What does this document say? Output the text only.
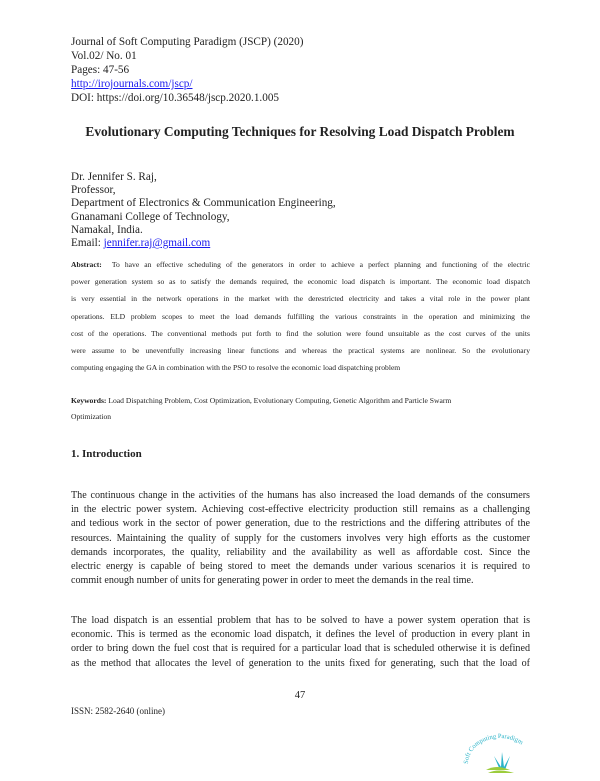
Journal of Soft Computing Paradigm (JSCP) (2020)
Vol.02/ No. 01
Pages: 47-56
http://irojournals.com/jscp/
DOI: https://doi.org/10.36548/jscp.2020.1.005
Evolutionary Computing Techniques for Resolving Load Dispatch Problem
Dr. Jennifer S. Raj,
Professor,
Department of Electronics & Communication Engineering,
Gnanamani College of Technology,
Namakal, India.
Email: jennifer.raj@gmail.com
Abstract: To have an effective scheduling of the generators in order to achieve a perfect planning and functioning of the electric
power generation system so as to satisfy the demands required, the economic load dispatch is important. The economic load dispatch
is very essential in the network operations in the market with the derestricted electricity and takes a vital role in the power plant
operations. ELD problem scopes to meet the load demands fulfilling the various constraints in the operation and minimizing the
cost of the operations. The conventional methods put forth to find the solution were found unsuitable as the cost curves of the units
were assume to be uneventfully increasing linear functions and whereas the practical systems are nonlinear. So the evolutionary
computing engaging the GA in combination with the PSO to resolve the economic load dispatching problem
Keywords: Load Dispatching Problem, Cost Optimization, Evolutionary Computing, Genetic Algorithm and Particle Swarm
Optimization
1. Introduction
The continuous change in the activities of the humans has also increased the load demands of the consumers
in the electric power system. Achieving cost-effective electricity production still remains as a challenging
and tedious work in the sector of power generation, due to the restrictions and the differing attributes of the
resources. Maintaining the quality of supply for the customers involves very high efforts as the customer
demands incorporates, the quality, reliability and the availability as well as affordable cost. Since the
electric energy is capable of being stored to meet the demands under various scenarios it is required to
commit enough number of units for generating power in order to meet the demands in the real time.
The load dispatch is an essential problem that has to be solved to have a power system operation that is
economic. This is termed as the economic load dispatch, it defines the level of production in every plant in
order to bring down the fuel cost that is required for a particular load that is scheduled otherwise it is defined
as the method that allocates the level of generation to the units fixed for generating, such that the load of
47
ISSN: 2582-2640 (online)
Soft Computing Paradigm
